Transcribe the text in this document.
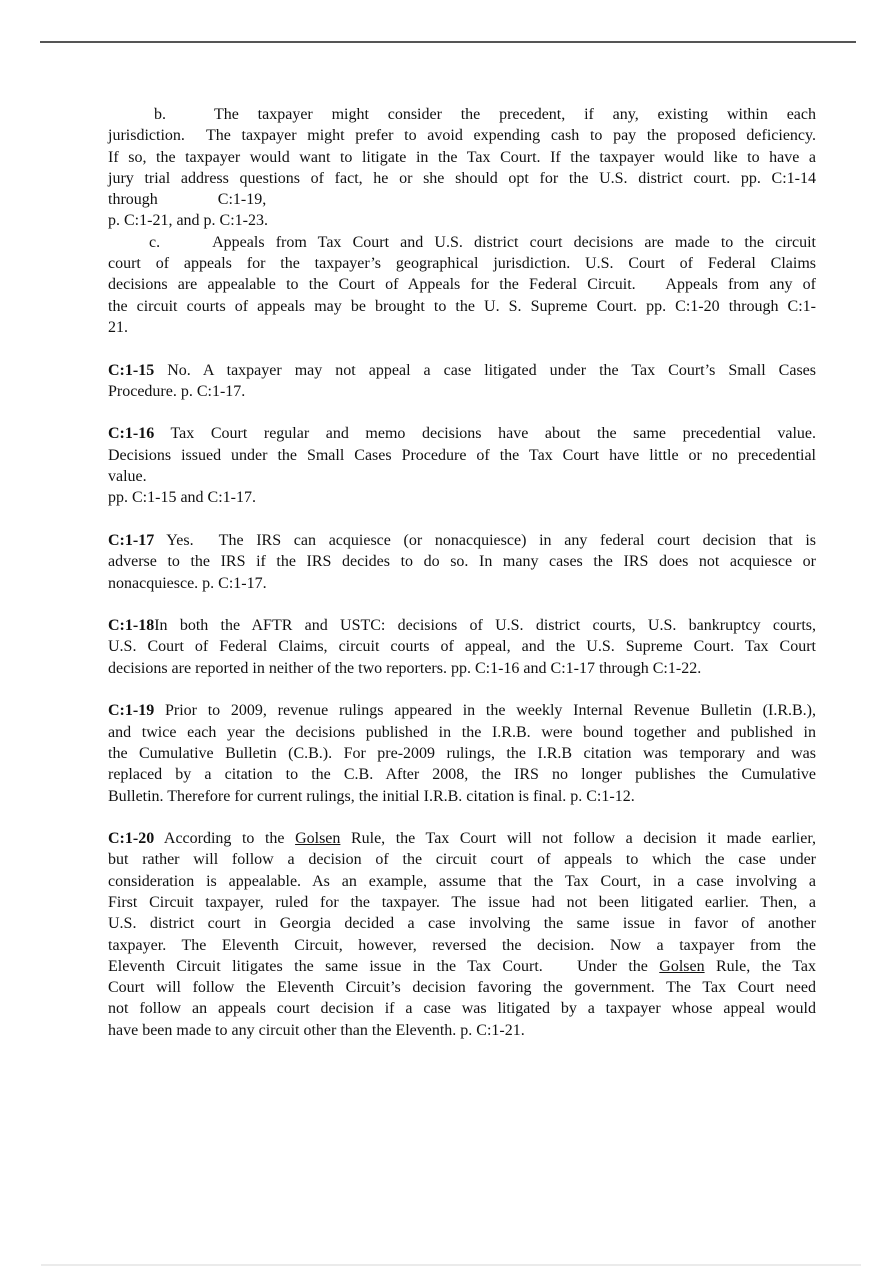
b.	The taxpayer might consider the precedent, if any, existing within each
jurisdiction.  The taxpayer might prefer to avoid expending cash to pay the proposed deficiency.
If so, the taxpayer would want to litigate in the Tax Court. If the taxpayer would like to have a
jury trial address questions of fact, he or she should opt for the U.S. district court. pp. C:1-14
through	C:1-19,
p. C:1-21, and p. C:1-23.
c.	Appeals from Tax Court and U.S. district court decisions are made to the circuit
court of appeals for the taxpayer’s geographical jurisdiction. U.S. Court of Federal Claims
decisions are appealable to the Court of Appeals for the Federal Circuit.   Appeals from any of
the circuit courts of appeals may be brought to the U. S. Supreme Court. pp. C:1-20 through C:1-
21.
C:1-15 No. A taxpayer may not appeal a case litigated under the Tax Court’s Small Cases
Procedure. p. C:1-17.
C:1-16 Tax Court regular and memo decisions have about the same precedential value.
Decisions issued under the Small Cases Procedure of the Tax Court have little or no precedential
value.
pp. C:1-15 and C:1-17.
C:1-17 Yes.  The IRS can acquiesce (or nonacquiesce) in any federal court decision that is
adverse to the IRS if the IRS decides to do so. In many cases the IRS does not acquiesce or
nonacquiesce. p. C:1-17.
C:1-18In both the AFTR and USTC: decisions of U.S. district courts, U.S. bankruptcy courts,
U.S. Court of Federal Claims, circuit courts of appeal, and the U.S. Supreme Court. Tax Court
decisions are reported in neither of the two reporters. pp. C:1-16 and C:1-17 through C:1-22.
C:1-19 Prior to 2009, revenue rulings appeared in the weekly Internal Revenue Bulletin (I.R.B.),
and twice each year the decisions published in the I.R.B. were bound together and published in
the Cumulative Bulletin (C.B.). For pre-2009 rulings, the I.R.B citation was temporary and was
replaced by a citation to the C.B. After 2008, the IRS no longer publishes the Cumulative
Bulletin. Therefore for current rulings, the initial I.R.B. citation is final. p. C:1-12.
C:1-20 According to the Golsen Rule, the Tax Court will not follow a decision it made earlier,
but rather will follow a decision of the circuit court of appeals to which the case under
consideration is appealable. As an example, assume that the Tax Court, in a case involving a
First Circuit taxpayer, ruled for the taxpayer. The issue had not been litigated earlier. Then, a
U.S. district court in Georgia decided a case involving the same issue in favor of another
taxpayer. The Eleventh Circuit, however, reversed the decision. Now a taxpayer from the
Eleventh Circuit litigates the same issue in the Tax Court.   Under the Golsen Rule, the Tax
Court will follow the Eleventh Circuit’s decision favoring the government. The Tax Court need
not follow an appeals court decision if a case was litigated by a taxpayer whose appeal would
have been made to any circuit other than the Eleventh. p. C:1-21.
